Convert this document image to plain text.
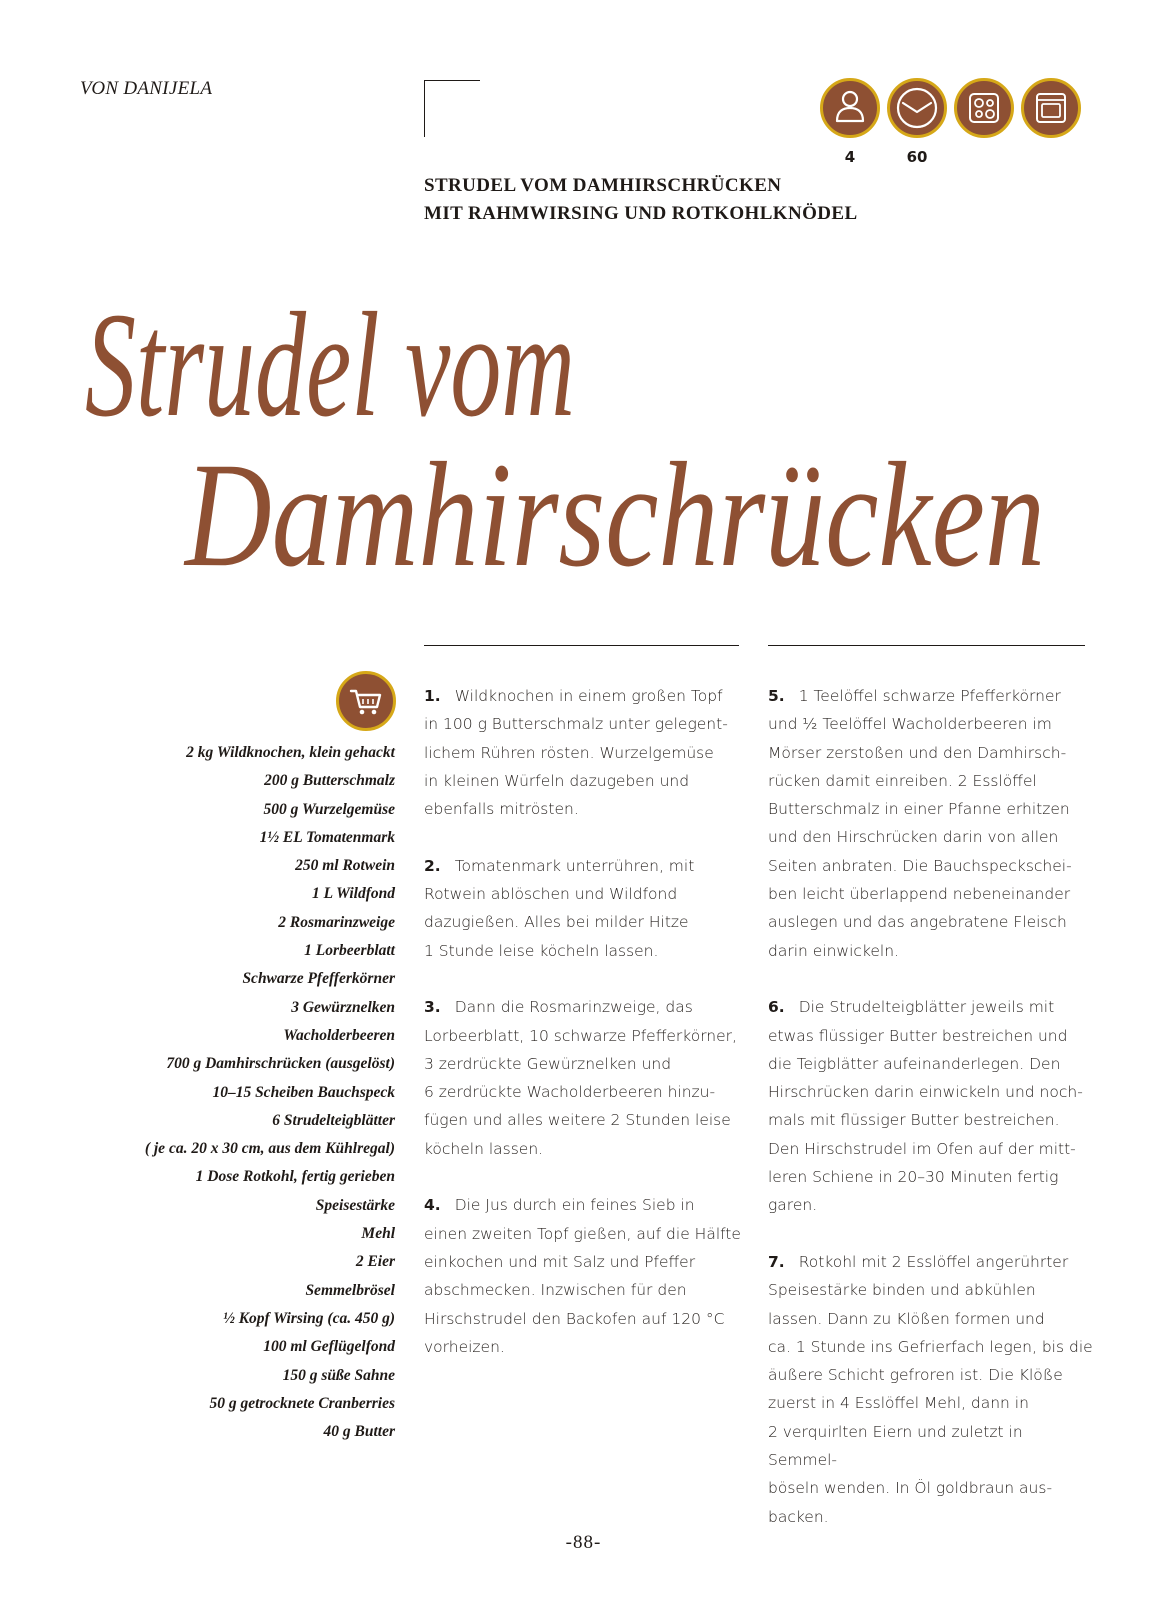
VON DANIJELA
4	60
STRUDEL VOM DAMHIRSCHRÜCKEN
MIT RAHMWIRSING UND ROTKOHLKNÖDEL
Strudel vom
Damhirschrücken
2 kg Wildknochen, klein gehackt
200 g Butterschmalz
500 g Wurzelgemüse
1½ EL Tomatenmark
250 ml Rotwein
1 L Wildfond
2 Rosmarinzweige
1 Lorbeerblatt
Schwarze Pfefferkörner
3 Gewürznelken
Wacholderbeeren
700 g Damhirschrücken (ausgelöst)
10–15 Scheiben Bauchspeck
6 Strudelteigblätter
( je ca. 20 x 30 cm, aus dem Kühlregal)
1 Dose Rotkohl, fertig gerieben
Speisestärke
Mehl
2 Eier
Semmelbrösel
½ Kopf Wirsing (ca. 450 g)
100 ml Geflügelfond
150 g süße Sahne
50 g getrocknete Cranberries
40 g Butter

1. Wildknochen in einem großen Topf
in 100 g Butterschmalz unter gelegent-
lichem Rühren rösten. Wurzelgemüse
in kleinen Würfeln dazugeben und
ebenfalls mitrösten.

2. Tomatenmark unterrühren, mit
Rotwein ablöschen und Wildfond
dazugießen. Alles bei milder Hitze
1 Stunde leise köcheln lassen.

3. Dann die Rosmarinzweige, das
Lorbeerblatt, 10 schwarze Pfefferkörner,
3 zerdrückte Gewürznelken und
6 zerdrückte Wacholderbeeren hinzu-
fügen und alles weitere 2 Stunden leise
köcheln lassen.

4. Die Jus durch ein feines Sieb in
einen zweiten Topf gießen, auf die Hälfte
einkochen und mit Salz und Pfeffer
abschmecken. Inzwischen für den
Hirschstrudel den Backofen auf 120 °C
vorheizen.

5. 1 Teelöffel schwarze Pfefferkörner
und ½ Teelöffel Wacholderbeeren im
Mörser zerstoßen und den Damhirsch-
rücken damit einreiben. 2 Esslöffel
Butterschmalz in einer Pfanne erhitzen
und den Hirschrücken darin von allen
Seiten anbraten. Die Bauchspeckschei-
ben leicht überlappend nebeneinander
auslegen und das angebratene Fleisch
darin einwickeln.

6. Die Strudelteigblätter jeweils mit
etwas flüssiger Butter bestreichen und
die Teigblätter aufeinanderlegen. Den
Hirschrücken darin einwickeln und noch-
mals mit flüssiger Butter bestreichen.
Den Hirschstrudel im Ofen auf der mitt-
leren Schiene in 20–30 Minuten fertig
garen.

7. Rotkohl mit 2 Esslöffel angerührter
Speisestärke binden und abkühlen
lassen. Dann zu Klößen formen und
ca. 1 Stunde ins Gefrierfach legen, bis die
äußere Schicht gefroren ist. Die Klöße
zuerst in 4 Esslöffel Mehl, dann in
2 verquirlten Eiern und zuletzt in Semmel-
böseln wenden. In Öl goldbraun aus-
backen.

-88-
